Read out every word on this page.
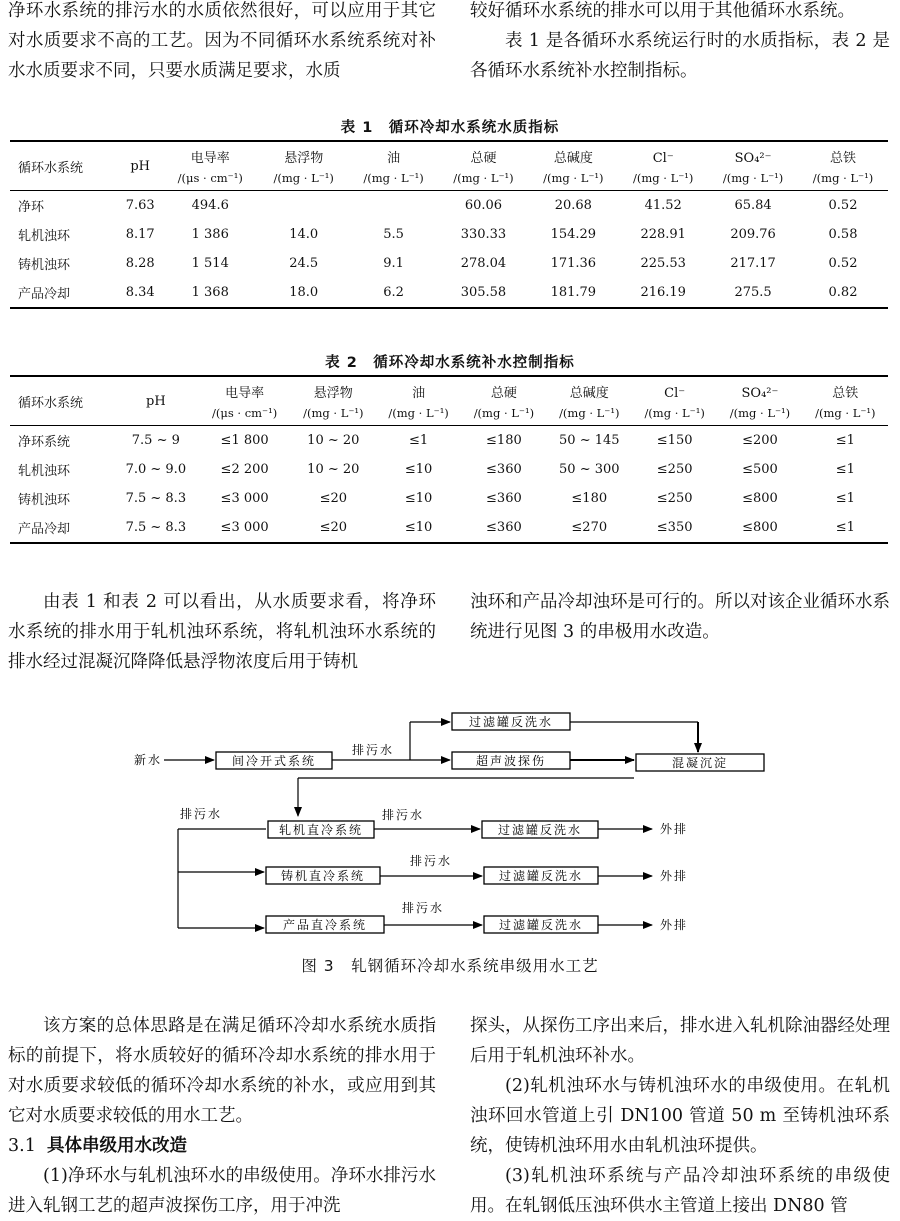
净环水系统的排污水的水质依然很好，可以应用于其它对水质要求不高的工艺。因为不同循环水系统系统对补水水质要求不同，只要水质满足要求，水质

较好循环水系统的排水可以用于其他循环水系统。

表 1 是各循环水系统运行时的水质指标，表 2 是各循环水系统补水控制指标。

表 1　循环冷却水系统水质指标
循环水系统	pH	电导率	悬浮物	油	总硬	总碱度	Cl⁻	SO₄²⁻	总铁
		/(μs · cm⁻¹)	/(mg · L⁻¹)	/(mg · L⁻¹)	/(mg · L⁻¹)	/(mg · L⁻¹)	/(mg · L⁻¹)	/(mg · L⁻¹)	/(mg · L⁻¹)
净环	7.63	494.6			60.06	20.68	41.52	65.84	0.52
轧机浊环	8.17	1 386	14.0	5.5	330.33	154.29	228.91	209.76	0.58
铸机浊环	8.28	1 514	24.5	9.1	278.04	171.36	225.53	217.17	0.52
产品冷却	8.34	1 368	18.0	6.2	305.58	181.79	216.19	275.5	0.82
表 2　循环冷却水系统补水控制指标
循环水系统	pH	电导率	悬浮物	油	总硬	总碱度	Cl⁻	SO₄²⁻	总铁
		/(μs · cm⁻¹)	/(mg · L⁻¹)	/(mg · L⁻¹)	/(mg · L⁻¹)	/(mg · L⁻¹)	/(mg · L⁻¹)	/(mg · L⁻¹)	/(mg · L⁻¹)
净环系统	7.5 ~ 9	≤1 800	10 ~ 20	≤1	≤180	50 ~ 145	≤150	≤200	≤1
轧机浊环	7.0 ~ 9.0	≤2 200	10 ~ 20	≤10	≤360	50 ~ 300	≤250	≤500	≤1
铸机浊环	7.5 ~ 8.3	≤3 000	≤20	≤10	≤360	≤180	≤250	≤800	≤1
产品冷却	7.5 ~ 8.3	≤3 000	≤20	≤10	≤360	≤270	≤350	≤800	≤1

由表 1 和表 2 可以看出，从水质要求看，将净环水系统的排水用于轧机浊环系统，将轧机浊环水系统的排水经过混凝沉降降低悬浮物浓度后用于铸机

浊环和产品冷却浊环是可行的。所以对该企业循环水系统进行见图 3 的串极用水改造。

间冷开式系统
过滤罐反洗水
超声波探伤	混凝沉淀
轧机直冷系统
铸机直冷系统
产品直冷系统
过滤罐反洗水
过滤罐反洗水
过滤罐反洗水
新水
排污水
排污水	排污水
排污水
排污水
外排
外排
外排
图 3　轧钢循环冷却水系统串级用水工艺

该方案的总体思路是在满足循环冷却水系统水质指标的前提下，将水质较好的循环冷却水系统的排水用于对水质要求较低的循环冷却水系统的补水，或应用到其它对水质要求较低的用水工艺。

3.1 具体串级用水改造

(1)净环水与轧机浊环水的串级使用。净环水排污水进入轧钢工艺的超声波探伤工序，用于冲洗

探头，从探伤工序出来后，排水进入轧机除油器经处理后用于轧机浊环补水。

(2)轧机浊环水与铸机浊环水的串级使用。在轧机浊环回水管道上引 DN100 管道 50 m 至铸机浊环系统，使铸机浊环用水由轧机浊环提供。

(3)轧机浊环系统与产品冷却浊环系统的串级使用。在轧钢低压浊环供水主管道上接出 DN80 管
